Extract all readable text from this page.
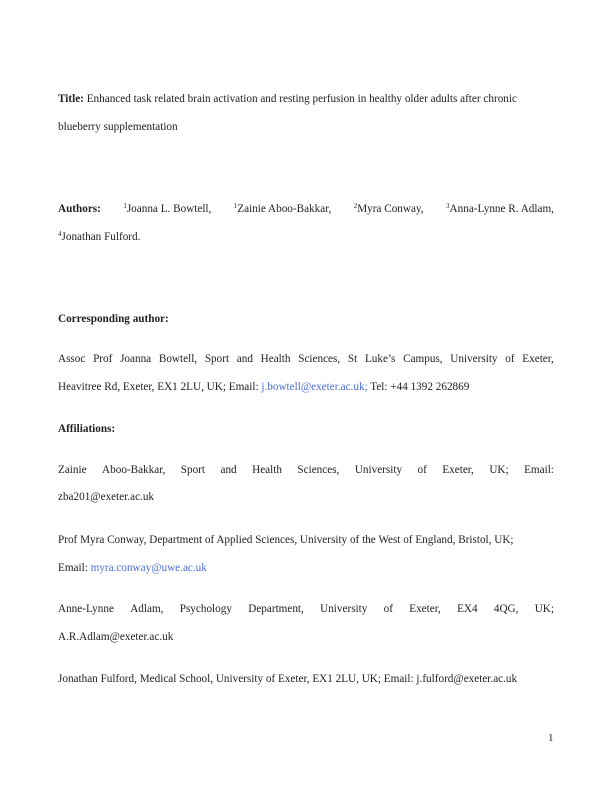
Title: Enhanced task related brain activation and resting perfusion in healthy older adults after chronic
blueberry supplementation
Authors:	$^1$Joanna L. Bowtell,	$^1$Zainie Aboo-Bakkar,	$^2$Myra Conway,	$^3$Anna-Lynne R. Adlam,
$^4$Jonathan Fulford.
Corresponding author:
Assoc Prof Joanna Bowtell, Sport and Health Sciences, St Luke’s Campus, University of Exeter,
Heavitree Rd, Exeter, EX1 2LU, UK; Email: j.bowtell@exeter.ac.uk; Tel: +44 1392 262869
Affiliations:
Zainie Aboo-Bakkar, Sport and Health Sciences, University of Exeter, UK; Email:
zba201@exeter.ac.uk
Prof Myra Conway, Department of Applied Sciences, University of the West of England, Bristol, UK;
Email: myra.conway@uwe.ac.uk
Anne-Lynne Adlam, Psychology Department, University of Exeter, EX4 4QG, UK;
A.R.Adlam@exeter.ac.uk
Jonathan Fulford, Medical School, University of Exeter, EX1 2LU, UK; Email: j.fulford@exeter.ac.uk
1
